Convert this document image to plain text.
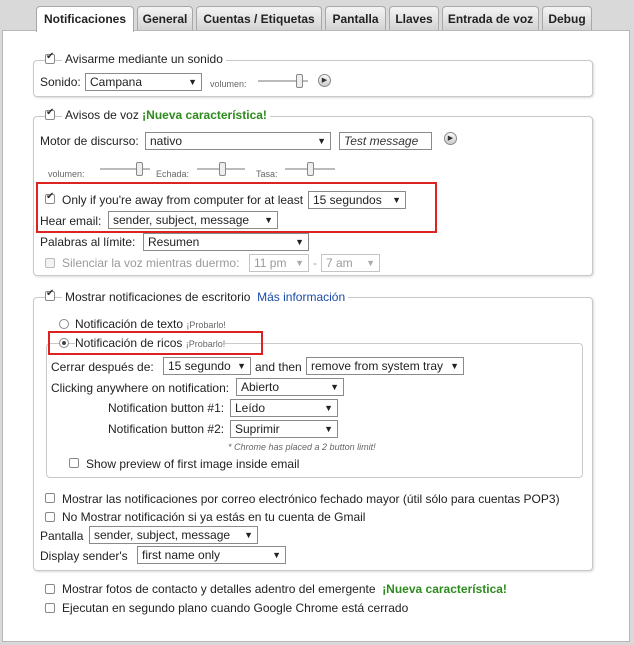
Notificaciones	General	Cuentas / Etiquetas	Pantalla	Llaves	Entrada de voz	Debug
✔
Avisarme mediante un sonido
Sonido: Campana ▼	volumen:	▶
✔
Avisos de voz ¡Nueva característica!
Motor de discurso: nativo ▼	Test message	▶
volumen:	Echada:	Tasa:
✔
Only if you're away from computer for at least 15 segundos ▼
Hear email: sender, subject, message ▼
Palabras al límite:	Resumen ▼
Silenciar la voz mientras duermo:	11 pm ▼	- 7 am ▼
✔
Mostrar notificaciones de escritorio Más información
Notificación de texto ¡Probarlo!
Notificación de ricos ¡Probarlo!
Cerrar después de:	15 segundo ▼	and then remove from system tray ▼
Clicking anywhere on notification: Abierto ▼
Notification button #1: Leído ▼
Notification button #2: Suprimir ▼
* Chrome has placed a 2 button limit!
Show preview of first image inside email
Mostrar las notificaciones por correo electrónico fechado mayor (útil sólo para cuentas POP3)
No Mostrar notificación si ya estás en tu cuenta de Gmail
Pantalla sender, subject, message ▼
Display sender's	first name only ▼
Mostrar fotos de contacto y detalles adentro del emergente ¡Nueva característica!
Ejecutan en segundo plano cuando Google Chrome está cerrado
